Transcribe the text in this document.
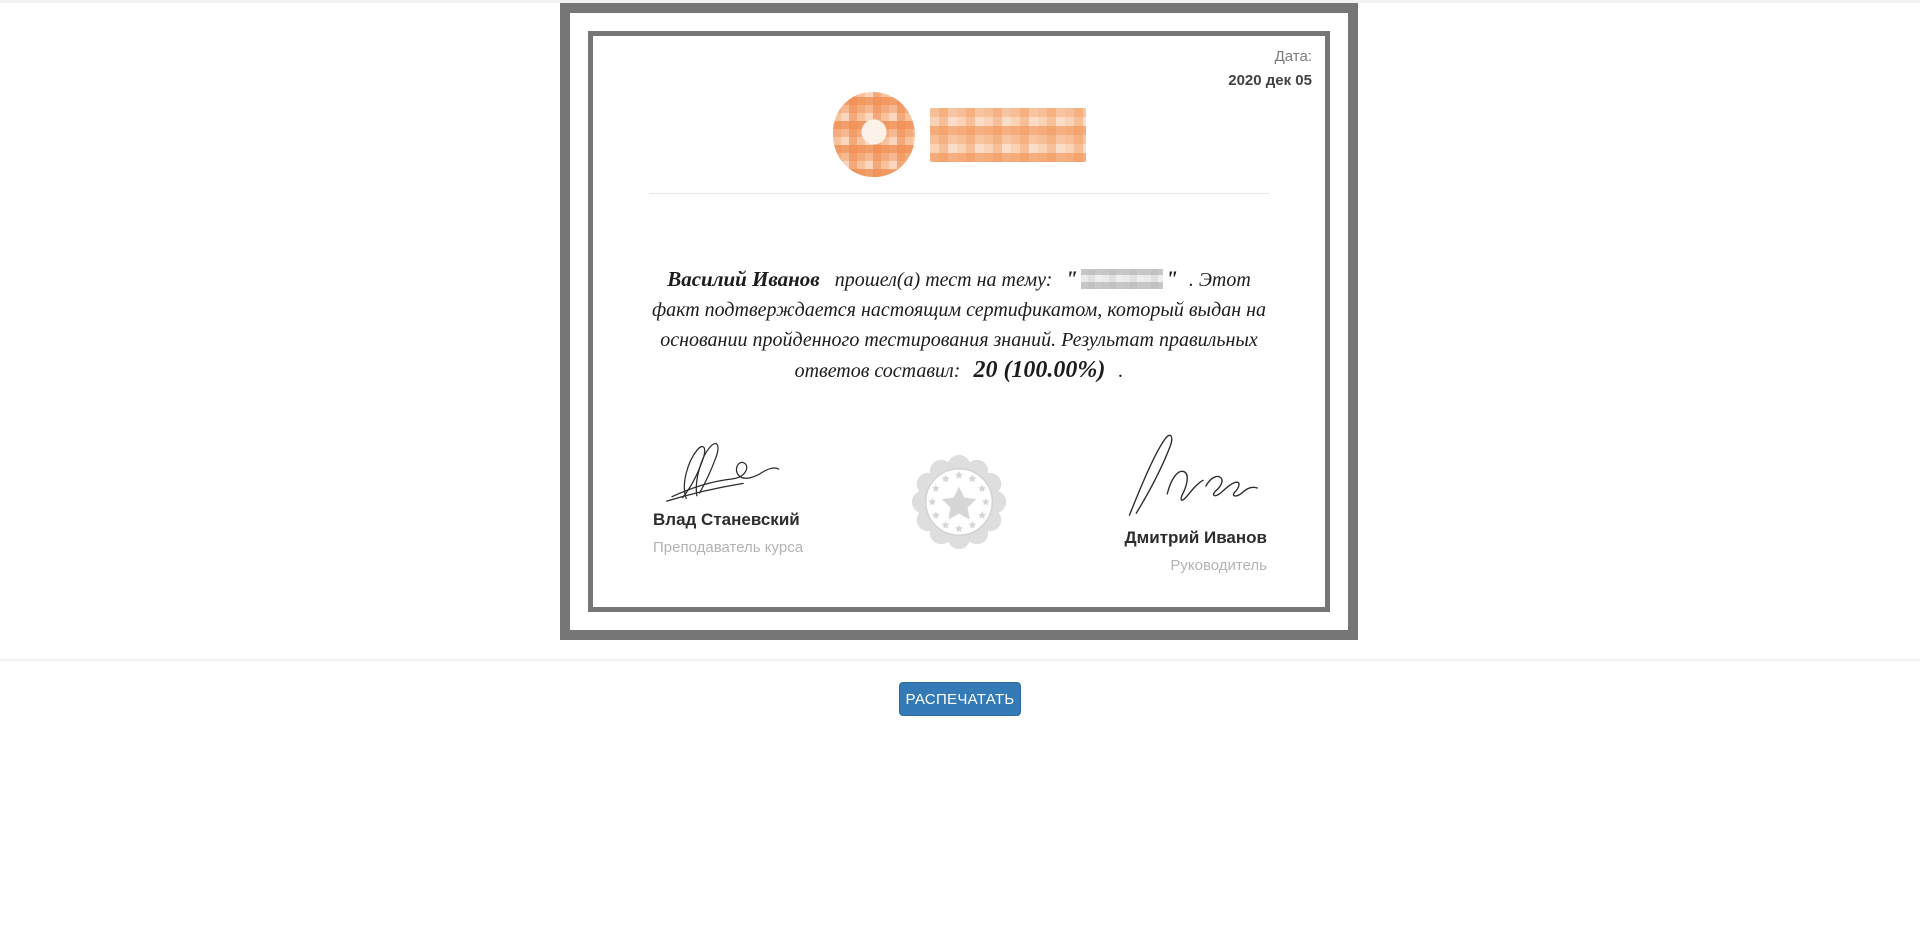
Дата:
2020 дек 05

Василий Иванов прошел(а) тест на тему: "	" . Этот факт подтверждается настоящим сертификатом, который выдан на основании пройденного тестирования знаний. Результат правильных ответов составил: 20 (100.00%) .

Влад Станевский
Преподаватель курса
Дмитрий Иванов
Руководитель
РАСПЕЧАТАТЬ
